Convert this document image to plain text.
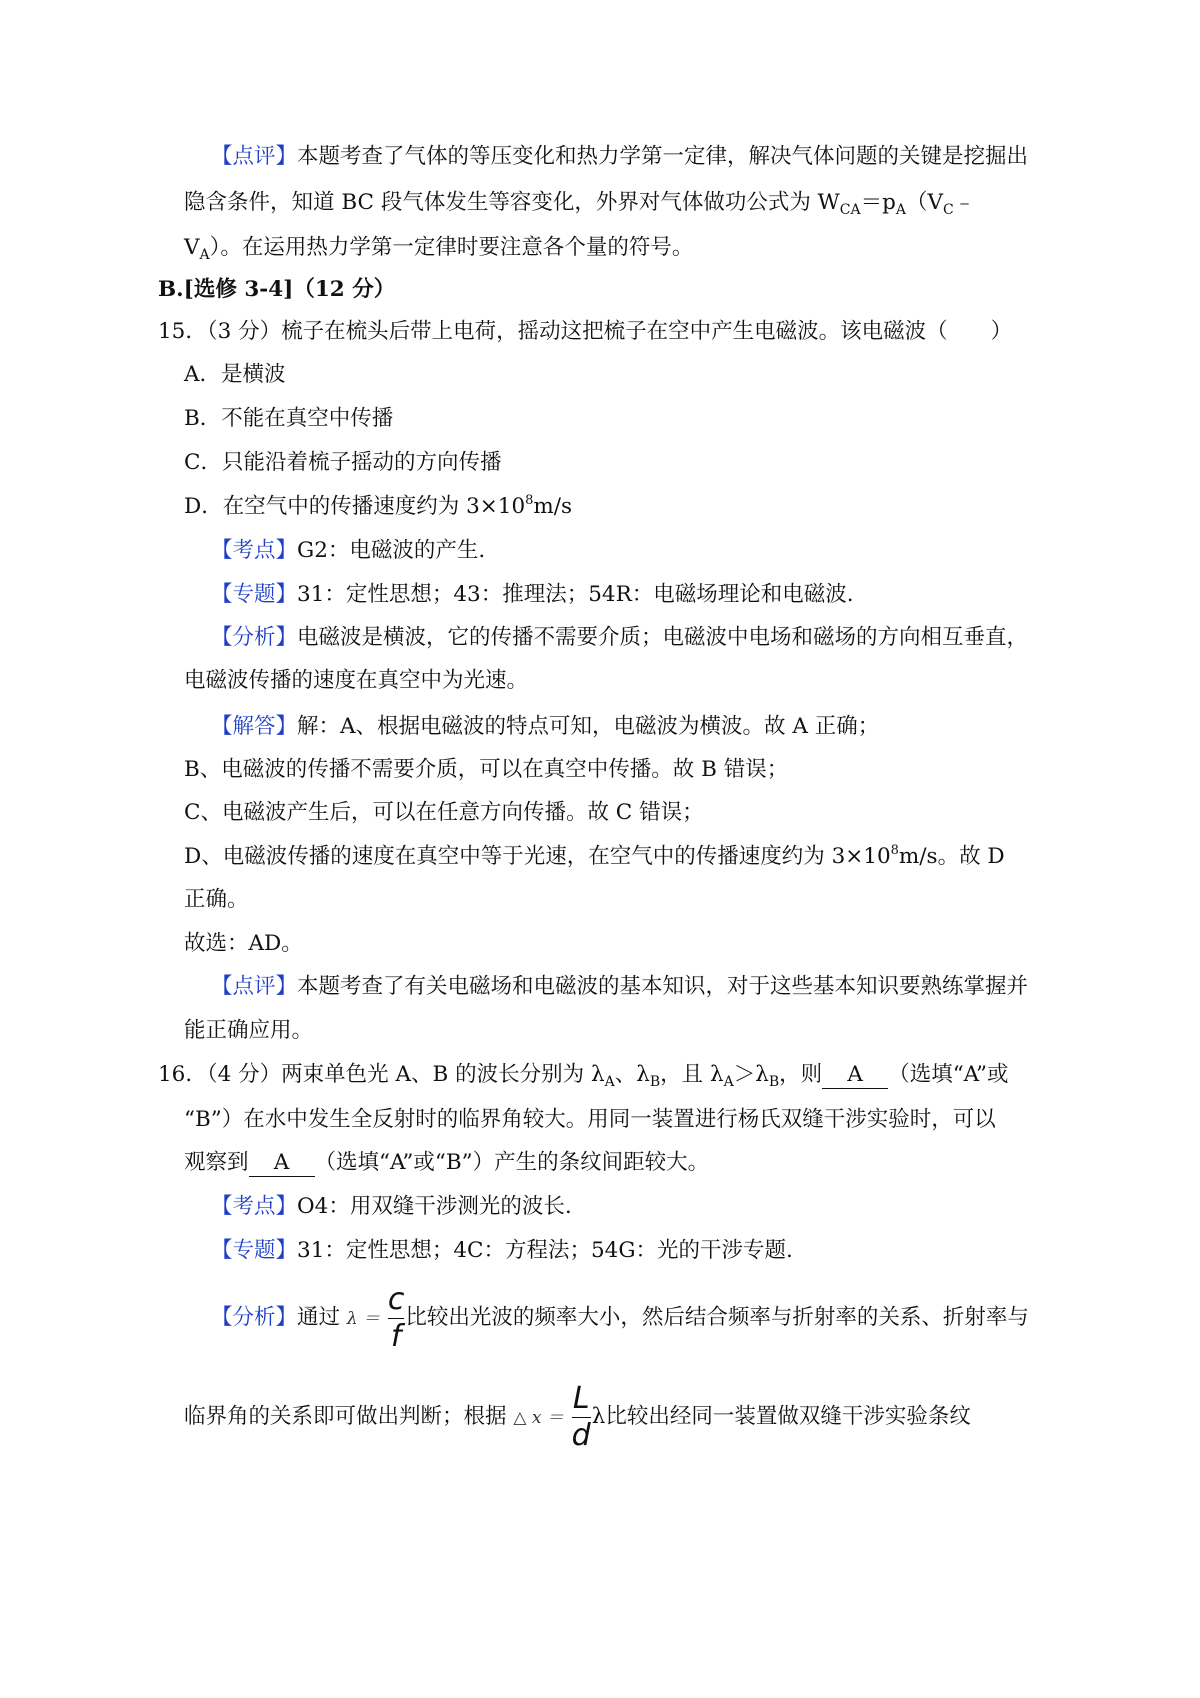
【点评】本题考查了气体的等压变化和热力学第一定律，解决气体问题的关键是挖掘出
隐含条件，知道 BC 段气体发生等容变化，外界对气体做功公式为 $W_{CA}=p_A(V_C﹣$
$V_A$）。在运用热力学第一定律时要注意各个量的符号。
B.[选修 3-4]（12 分）
15．（3 分）梳子在梳头后带上电荷，摇动这把梳子在空中产生电磁波。该电磁波（　　）
A．是横波
B．不能在真空中传播
C．只能沿着梳子摇动的方向传播
D．在空气中的传播速度约为 $3\times 10^8m/s$
【考点】G2：电磁波的产生.
【专题】31：定性思想；43：推理法；54R：电磁场理论和电磁波.
【分析】电磁波是横波，它的传播不需要介质；电磁波中电场和磁场的方向相互垂直，
电磁波传播的速度在真空中为光速。
【解答】解：A、根据电磁波的特点可知，电磁波为横波。故 A 正确；
B、电磁波的传播不需要介质，可以在真空中传播。故 B 错误；
C、电磁波产生后，可以在任意方向传播。故 C 错误；
D、电磁波传播的速度在真空中等于光速，在空气中的传播速度约为 $3\times 10^8m/s$。故 D
正确。
故选：AD。
【点评】本题考查了有关电磁场和电磁波的基本知识，对于这些基本知识要熟练掌握并
能正确应用。
16．（4 分）两束单色光 A、B 的波长分别为 $\lambda_A$、$\lambda_B$，且 $\lambda_A>\lambda_B$，则 A （选填“A”或
“B”）在水中发生全反射时的临界角较大。用同一装置进行杨氏双缝干涉实验时，可以
观察到 A （选填“A”或“B”）产生的条纹间距较大。
【考点】O4：用双缝干涉测光的波长.
【专题】31：定性思想；4C：方程法；54G：光的干涉专题.
【分析】通过 $\lambda = \frac{c}{f}$ 比较出光波的频率大小，然后结合频率与折射率的关系、折射率与
临界角的关系即可做出判断；根据 △ $x = \frac{L}{d}$ λ比较出经同一装置做双缝干涉实验条纹
